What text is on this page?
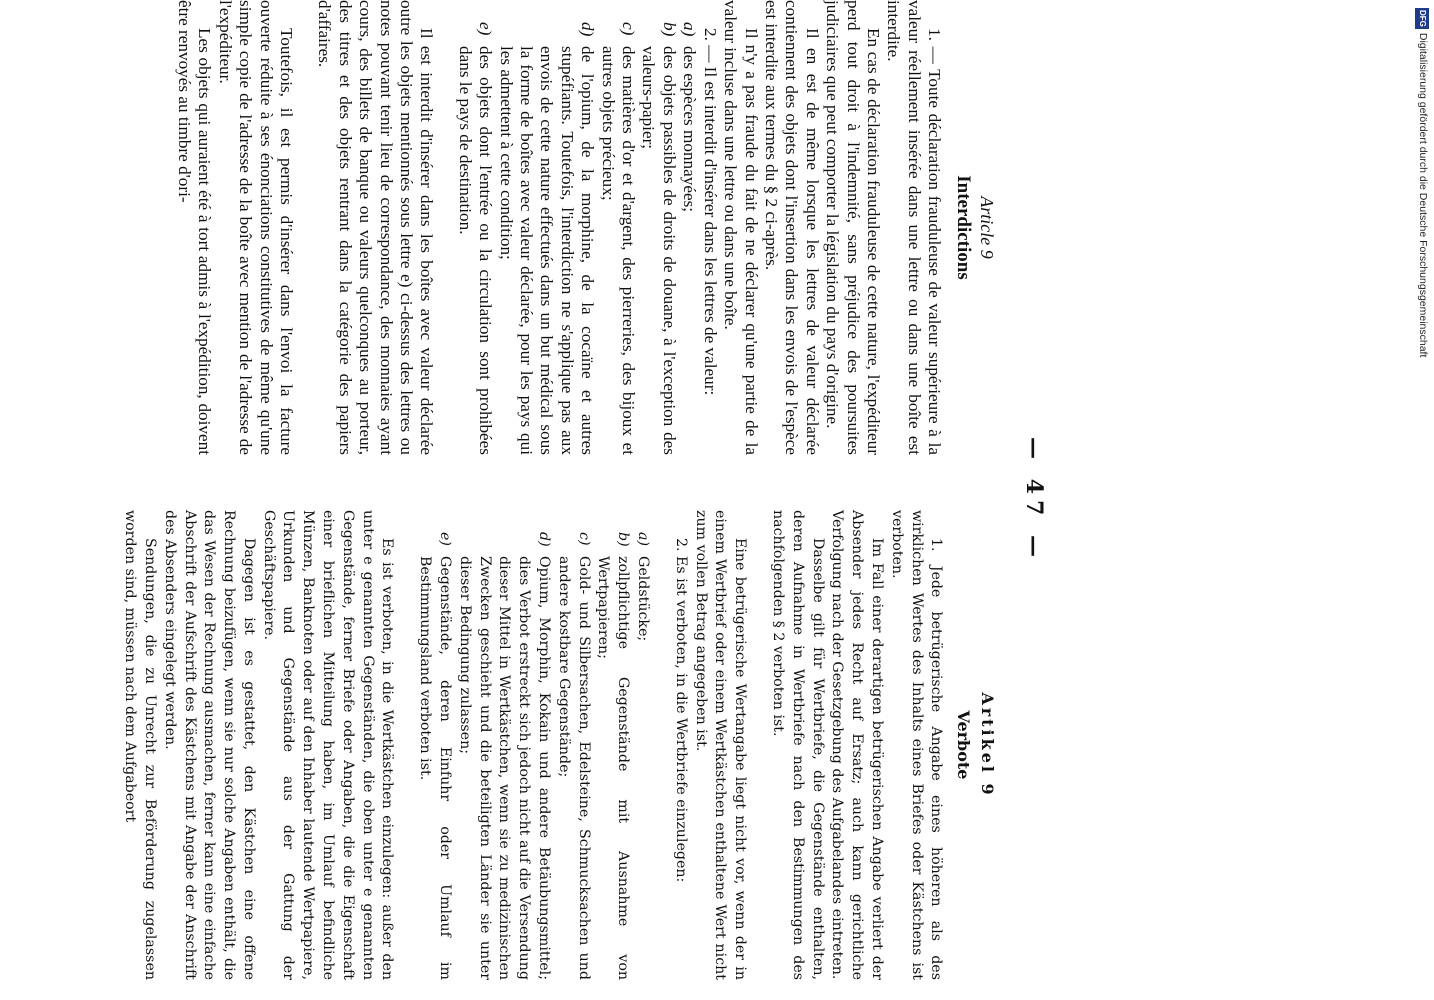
— 47 —
Article 9
Interdictions

1. — Toute déclaration frauduleuse de valeur supérieure à la valeur réellement insérée dans une lettre ou dans une boîte est interdite.

En cas de déclaration frauduleuse de cette nature, l'expéditeur perd tout droit à l'indemnité, sans préjudice des poursuites judiciaires que peut comporter la législation du pays d'origine.

Il en est de même lorsque les lettres de valeur déclarée contiennent des objets dont l'insertion dans les envois de l'espèce est interdite aux termes du § 2 ci-après.

Il n'y a pas fraude du fait de ne déclarer qu'une partie de la valeur incluse dans une lettre ou dans une boîte.

2. — Il est interdit d'insérer dans les lettres de valeur:

a)
des espèces monnayées;
b)
des objets passibles de droits de douane, à l'exception des valeurs-papier;
c)
des matières d'or et d'argent, des pierreries, des bijoux et autres objets précieux;
d)
de l'opium, de la morphine, de la cocaïne et autres stupéfiants. Toutefois, l'interdiction ne s'applique pas aux envois de cette nature effectués dans un but médical sous la forme de boîtes avec valeur déclarée, pour les pays qui les admettent à cette condition;
e)
des objets dont l'entrée ou la circulation sont prohibées dans le pays de destination.

Il est interdit d'insérer dans les boîtes avec valeur déclarée outre les objets mentionnés sous lettre e) ci-dessus des lettres ou notes pouvant tenir lieu de correspondance, des monnaies ayant cours, des billets de banque ou valeurs quelconques au porteur, des titres et des objets rentrant dans la catégorie des papiers d'affaires.

Toutefois, il est permis d'insérer dans l'envoi la facture ouverte réduite à ses énonciations constitutives de même qu'une simple copie de l'adresse de la boîte avec mention de l'adresse de l'expéditeur.

Les objets qui auraient été à tort admis à l'expédition, doivent être renvoyés au timbre d'ori-

Artikel 9
Verbote

1. Jede betrügerische Angabe eines höheren als des wirklichen Wertes des Inhalts eines Briefes oder Kästchens ist verboten.

Im Fall einer derartigen betrügerischen Angabe verliert der Absender jedes Recht auf Ersatz; auch kann gerichtliche Verfolgung nach der Gesetzgebung des Aufgabelandes eintreten.

Dasselbe gilt für Wertbriefe, die Gegenstände enthalten, deren Aufnahme in Wertbriefe nach den Bestimmungen des nachfolgenden § 2 verboten ist.

Eine betrügerische Wertangabe liegt nicht vor, wenn der in einem Wertbrief oder einem Wertkästchen enthaltene Wert nicht zum vollen Betrag angegeben ist.

2. Es ist verboten, in die Wertbriefe einzulegen:

a)
Geldstücke;
b)
zollpflichtige Gegenstände mit Ausnahme von Wertpapieren;
c)
Gold- und Silbersachen, Edelsteine, Schmucksachen und andere kostbare Gegenstände;
d)
Opium, Morphin, Kokain und andere Betäubungsmittel; dies Verbot erstreckt sich jedoch nicht auf die Versendung dieser Mittel in Wertkästchen, wenn sie zu medizinischen Zwecken geschieht und die beteiligten Länder sie unter dieser Bedingung zulassen;
e)
Gegenstände, deren Einfuhr oder Umlauf im Bestimmungsland verboten ist.

Es ist verboten, in die Wertkästchen einzulegen: außer den unter e genannten Gegenständen, die oben unter e genannten Gegenstände, ferner Briefe oder Angaben, die die Eigenschaft einer brieflichen Mitteilung haben, im Umlauf befindliche Münzen, Banknoten oder auf den Inhaber lautende Wertpapiere, Urkunden und Gegenstände aus der Gattung der Geschäftspapiere.

Dagegen ist es gestattet, den Kästchen eine offene Rechnung beizufügen, wenn sie nur solche Angaben enthält, die das Wesen der Rechnung ausmachen, ferner kann eine einfache Abschrift der Aufschrift des Kästchens mit Angabe der Anschrift des Absenders eingelegt werden.

Sendungen, die zu Unrecht zur Beförderung zugelassen worden sind, müssen nach dem Aufgabeort

DFGDigitalisierung gefördert durch die Deutsche Forschungsgemeinschaft
